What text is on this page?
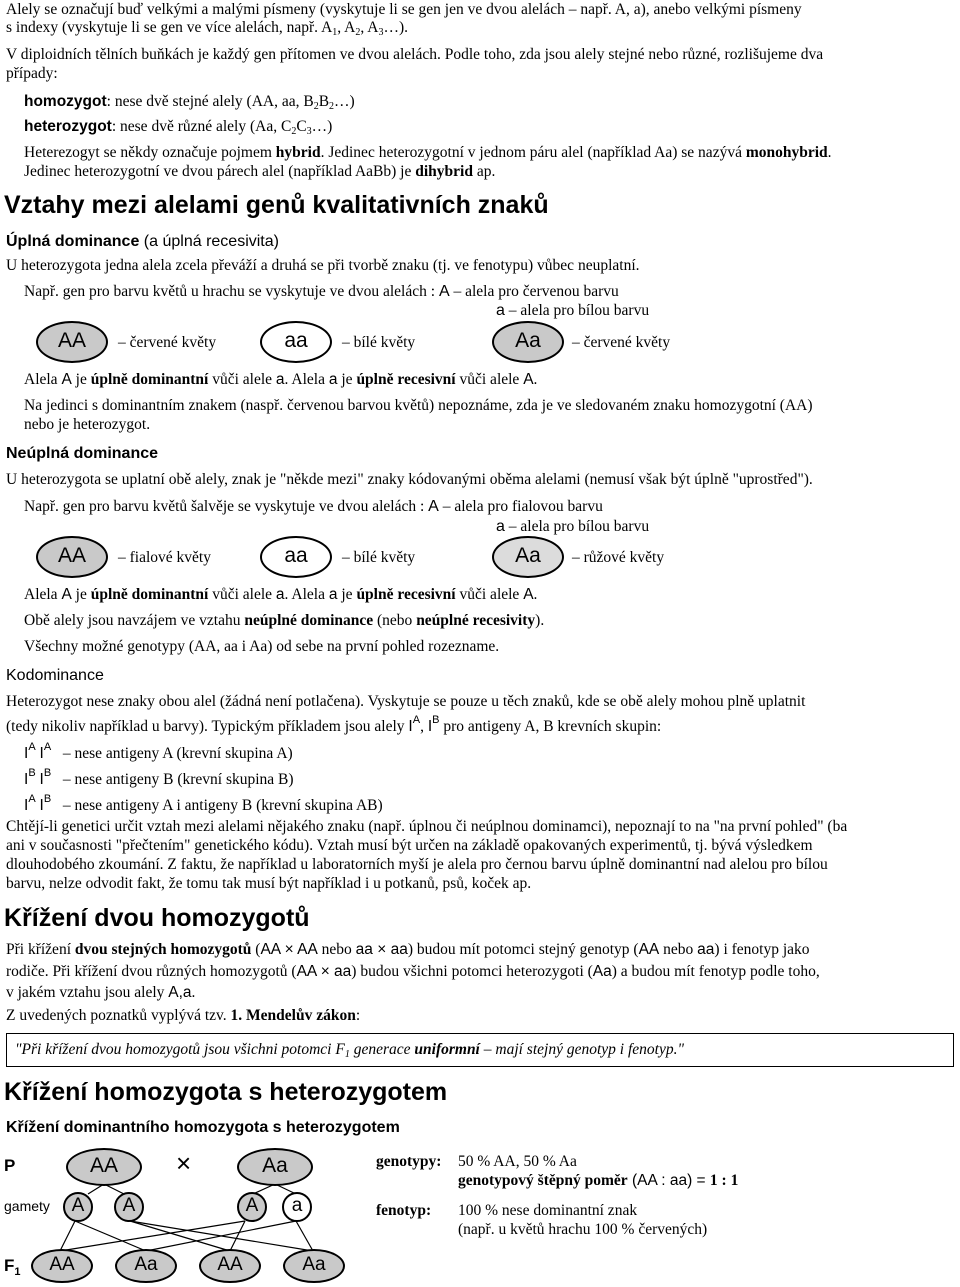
Alely se označují buď velkými a malými písmeny (vyskytuje li se gen jen ve dvou alelách – např. A, a), anebo velkými písmeny
s indexy (vyskytuje li se gen ve více alelách, např. $A_1$, $A_2$, $A_3\dots$).
V diploidních tělních buňkách je každý gen přítomen ve dvou alelách. Podle toho, zda jsou alely stejné nebo různé, rozlišujeme dva
případy:
homozygot: nese dvě stejné alely (AA, aa, $B_2B_2\dots$)
heterozygot: nese dvě různé alely (Aa, $C_2C_3\dots$)
Heterezogyt se někdy označuje pojmem hybrid. Jedinec heterozygotní v jednom páru alel (například Aa) se nazývá monohybrid.
Jedinec heterozygotní ve dvou párech alel (například AaBb) je dihybrid ap.
Vztahy mezi alelami genů kvalitativních znaků
Úplná dominance (a úplná recesivita)
U heterozygota jedna alela zcela převáží a druhá se při tvorbě znaku (tj. ve fenotypu) vůbec neuplatní.
Např. gen pro barvu květů u hrachu se vyskytuje ve dvou alelách : A – alela pro červenou barvu
a – alela pro bílou barvu
AA	– červené květy	aa	– bílé květy	Aa	– červené květy
Alela A je úplně dominantní vůči alele a. Alela a je úplně recesivní vůči alele A.
Na jedinci s dominantním znakem (naspř. červenou barvou květů) nepoznáme, zda je ve sledovaném znaku homozygotní (AA)
nebo je heterozygot.
Neúplná dominance
U heterozygota se uplatní obě alely, znak je "někde mezi" znaky kódovanými oběma alelami (nemusí však být úplně "uprostřed").
Např. gen pro barvu květů šalvěje se vyskytuje ve dvou alelách : A – alela pro fialovou barvu
a – alela pro bílou barvu
AA	– fialové květy	aa	– bílé květy	Aa	– růžové květy
Alela A je úplně dominantní vůči alele a. Alela a je úplně recesivní vůči alele A.
Obě alely jsou navzájem ve vztahu neúplné dominance (nebo neúplné recesivity).
Všechny možné genotypy (AA, aa i Aa) od sebe na první pohled rozezname.
Kodominance
Heterozygot nese znaky obou alel (žádná není potlačena). Vyskytuje se pouze u těch znaků, kde se obě alely mohou plně uplatnit
(tedy nikoliv například u barvy). Typickým příkladem jsou alely $I^A$, $I^B$ pro antigeny A, B krevních skupin:
$I^A$ $I^A$ – nese antigeny A (krevní skupina A)
$I^B$ $I^B$ – nese antigeny B (krevní skupina B)
$I^A$ $I^B$ – nese antigeny A i antigeny B (krevní skupina AB)
Chtějí-li genetici určit vztah mezi alelami nějakého znaku (např. úplnou či neúplnou dominamci), nepoznají to na "na první pohled" (ba
ani v současnosti "přečtením" genetického kódu). Vztah musí být určen na základě opakovaných experimentů, tj. bývá výsledkem
dlouhodobého zkoumání. Z faktu, že například u laboratorních myší je alela pro černou barvu úplně dominantní nad alelou pro bílou
barvu, nelze odvodit fakt, že tomu tak musí být například i u potkanů, psů, koček ap.
Křížení dvou homozygotů
Při křížení dvou stejných homozygotů (AA × AA nebo aa × aa) budou mít potomci stejný genotyp (AA nebo aa) i fenotyp jako
rodiče. Při křížení dvou různých homozygotů (AA × aa) budou všichni potomci heterozygoti (Aa) a budou mít fenotyp podle toho,
v jakém vztahu jsou alely A,a.
Z uvedených poznatků vyplývá tzv. 1. Mendelův zákon:
"Při křížení dvou homozygotů jsou všichni potomci $F_1$ generace uniformní – mají stejný genotyp i fenotyp."
Křížení homozygota s heterozygotem
Křížení dominantního homozygota s heterozygotem
P
gamety
$F_1$
AA	×	Aa
A	A	A	a
AA	Aa	AA	Aa
genotypy: 50 % AA, 50 % Aa
genotypový štěpný poměr (AA : aa) = 1 : 1
fenotyp: 100 % nese dominantní znak
(např. u květů hrachu 100 % červených)
